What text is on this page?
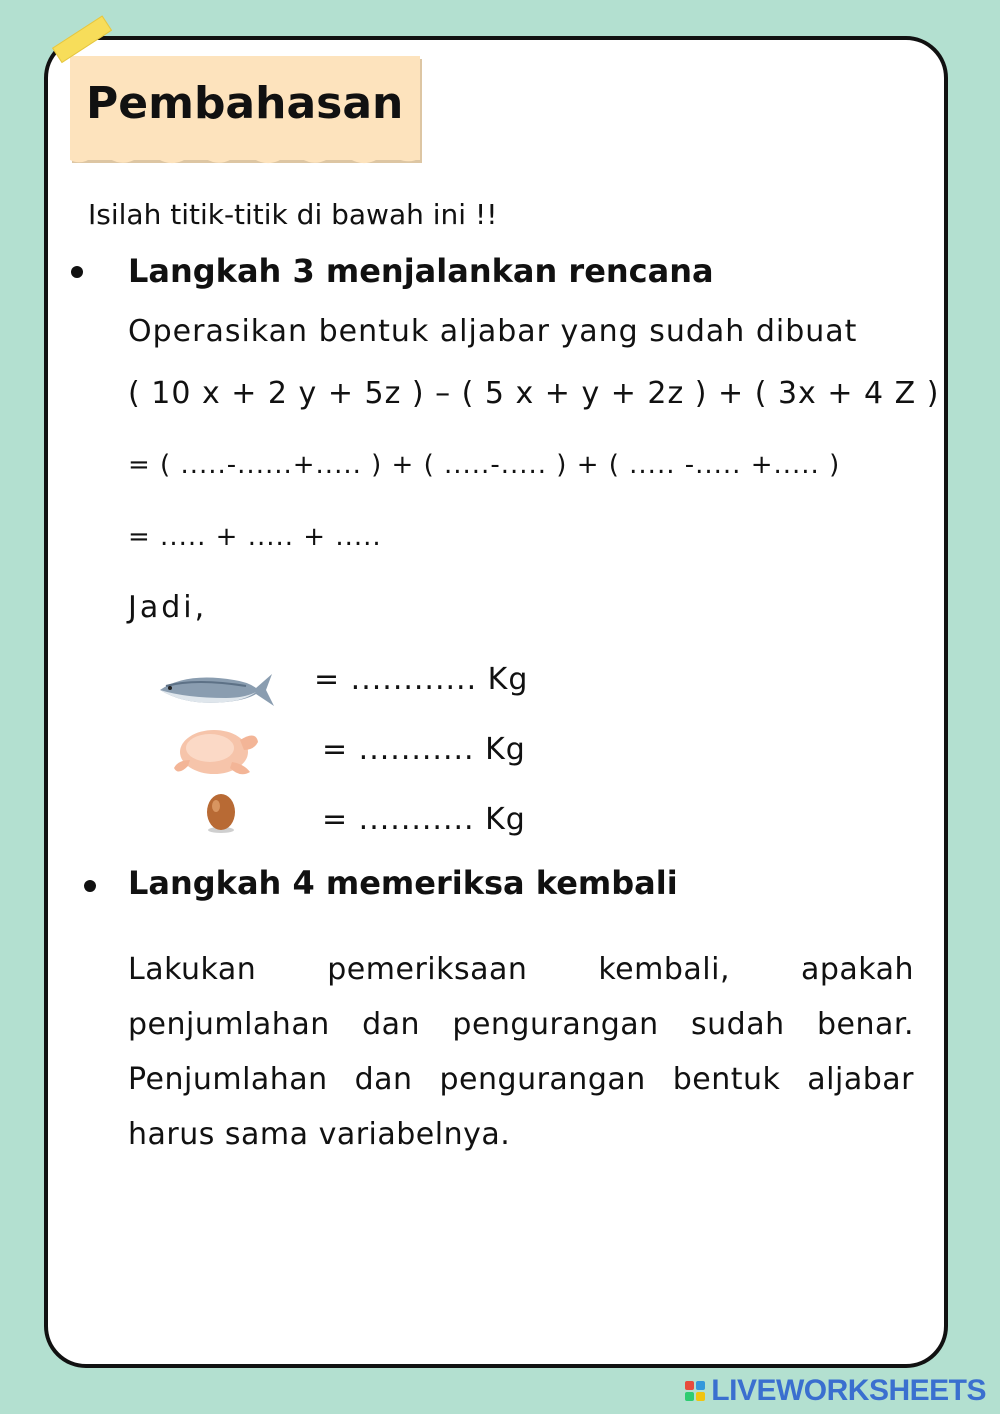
Pembahasan
Isilah titik-titik di bawah ini !!
Langkah 3 menjalankan rencana
Operasikan bentuk aljabar yang sudah dibuat
( 10 x + 2 y + 5z ) – ( 5 x + y + 2z ) + ( 3x + 4 Z )
= ( .....-......+..... ) + ( .....-..... ) + ( ..... -..... +..... )
= ..... + ..... + .....
Jadi,
= ............ Kg
= ........... Kg
= ........... Kg
Langkah 4 memeriksa kembali
Lakukan pemeriksaan kembali, apakah penjumlahan dan pengurangan sudah benar. Penjumlahan dan pengurangan bentuk aljabar harus sama variabelnya.
LIVEWORKSHEETS
